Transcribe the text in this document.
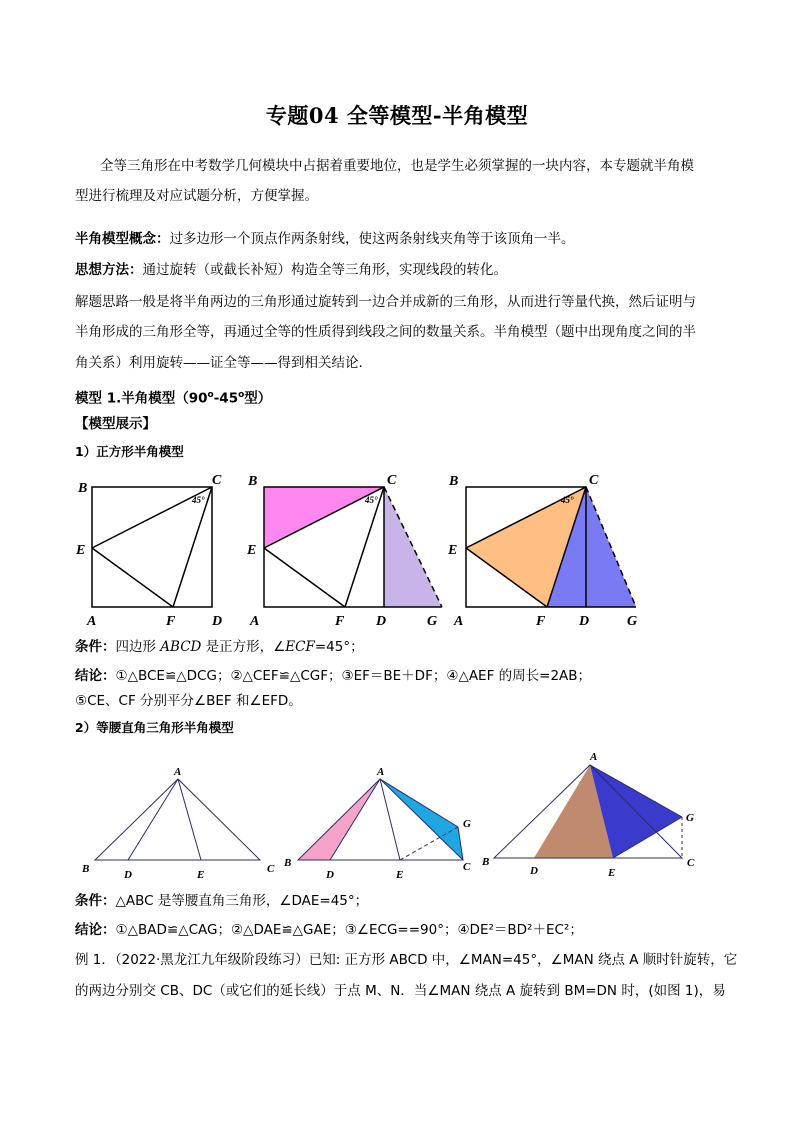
专题04 全等模型-半角模型
全等三角形在中考数学几何模块中占据着重要地位，也是学生必须掌握的一块内容，本专题就半角模
型进行梳理及对应试题分析，方便掌握。
半角模型概念：过多边形一个顶点作两条射线，使这两条射线夹角等于该顶角一半。
思想方法：通过旋转（或截长补短）构造全等三角形，实现线段的转化。
解题思路一般是将半角两边的三角形通过旋转到一边合并成新的三角形，从而进行等量代换，然后证明与
半角形成的三角形全等，再通过全等的性质得到线段之间的数量关系。半角模型（题中出现角度之间的半
角关系）利用旋转——证全等——得到相关结论.
模型 1.半角模型（90$^o$-45$^o$型）
【模型展示】
1）正方形半角模型
B
C
E
A	F	D
45°
B	C
E
A	F D	G
45°
B	C
E
A	F D	G
45°
条件：四边形 ABCD 是正方形，∠ECF=45°；
结论：①△BCE≌△DCG；②△CEF≌△CGF；③EF＝BE＋DF；④△AEF 的周长=2AB；
⑤CE、CF 分别平分∠BEF 和∠EFD。
2）等腰直角三角形半角模型
A
B	D	E	C
A
B
D	E
C
G
A
B
D	E
C
G
条件：△ABC 是等腰直角三角形，∠DAE=45°；
结论：①△BAD≌△CAG；②△DAE≌△GAE；③∠ECG==90°；④DE²＝BD²＋EC²；
例 1．（2022·黑龙江九年级阶段练习）已知: 正方形 ABCD 中，∠MAN=45°，∠MAN 绕点 A 顺时针旋转，它
的两边分别交 CB、DC（或它们的延长线）于点 M、N．当∠MAN 绕点 A 旋转到 BM=DN 时，(如图 1)，易
